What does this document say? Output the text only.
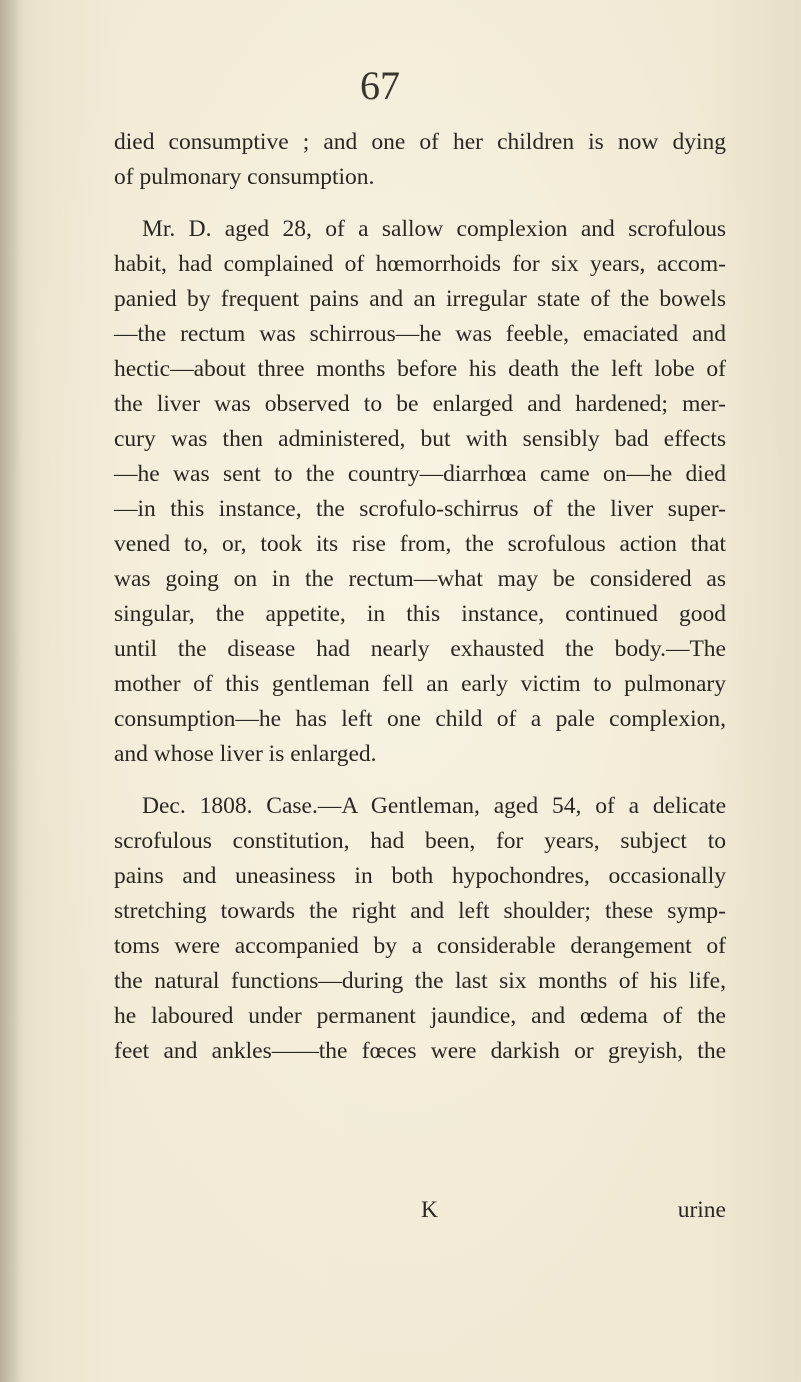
67
died consumptive ; and one of her children is now dying
of pulmonary consumption.
Mr. D. aged 28, of a sallow complexion and scrofulous
habit, had complained of hœmorrhoids for six years, accom-
panied by frequent pains and an irregular state of the bowels
—the rectum was schirrous—he was feeble, emaciated and
hectic—about three months before his death the left lobe of
the liver was observed to be enlarged and hardened; mer-
cury was then administered, but with sensibly bad effects
—he was sent to the country—diarrhœa came on—he died
—in this instance, the scrofulo-schirrus of the liver super-
vened to, or, took its rise from, the scrofulous action that
was going on in the rectum—what may be considered as
singular, the appetite, in this instance, continued good
until the disease had nearly exhausted the body.—The
mother of this gentleman fell an early victim to pulmonary
consumption—he has left one child of a pale complexion,
and whose liver is enlarged.
Dec. 1808. Case.—A Gentleman, aged 54, of a delicate
scrofulous constitution, had been, for years, subject to
pains and uneasiness in both hypochondres, occasionally
stretching towards the right and left shoulder; these symp-
toms were accompanied by a considerable derangement of
the natural functions—during the last six months of his life,
he laboured under permanent jaundice, and œdema of the
feet and ankles——the fœces were darkish or greyish, the
K	urine
